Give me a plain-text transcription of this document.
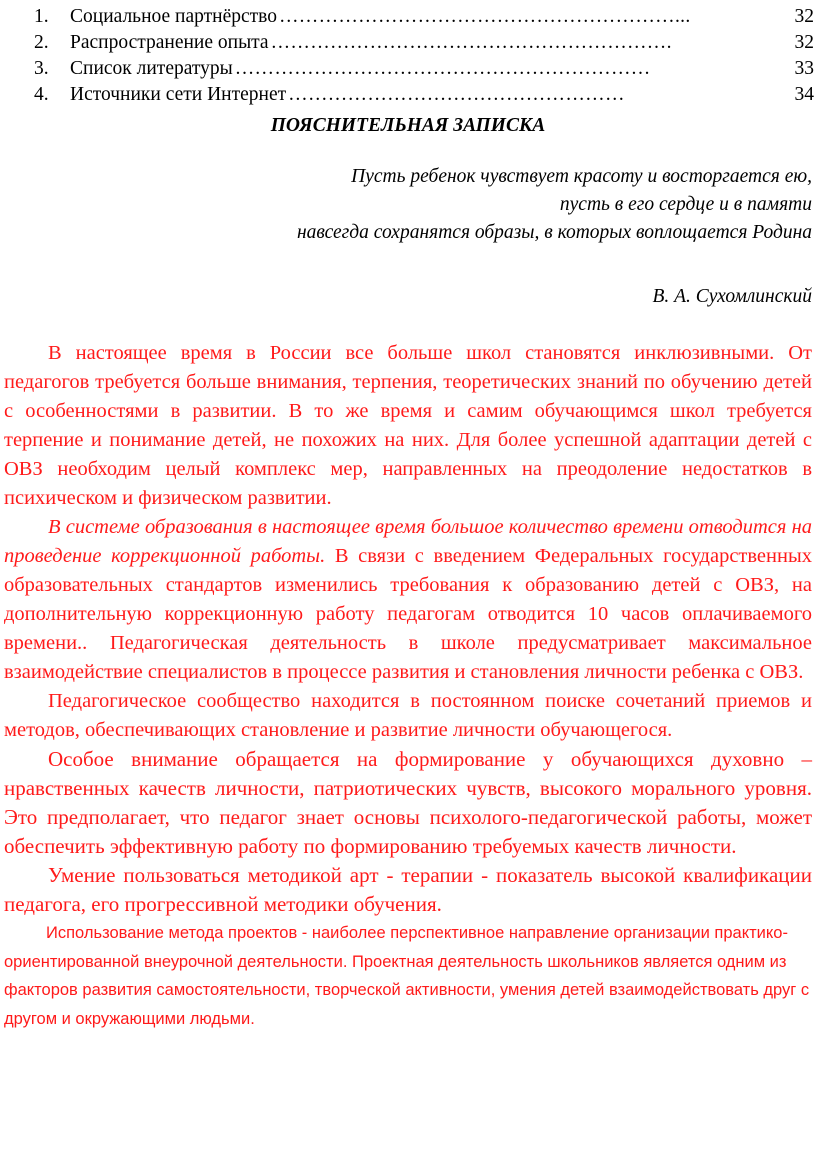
1.	Социальное партнёрство ……………………………………………………...	32
2.	Распространение опыта …………………………………………………….	32
3.	Список литературы ………………………………………………………	33
4.	Источники сети Интернет ……………………………………………	34
ПОЯСНИТЕЛЬНАЯ ЗАПИСКА
Пусть ребенок чувствует красоту и восторгается ею,
пусть в его сердце и в памяти
навсегда сохранятся образы, в которых воплощается Родина
В. А. Сухомлинский

В настоящее время в России все больше школ становятся инклюзивными. От педагогов требуется больше внимания, терпения, теоретических знаний по обучению детей с особенностями в развитии. В то же время и самим обучающимся школ требуется терпение и понимание детей, не похожих на них. Для более успешной адаптации детей с ОВЗ необходим целый комплекс мер, направленных на преодоление недостатков в психическом и физическом развитии.

В системе образования в настоящее время большое количество времени отводится на проведение коррекционной работы. В связи с введением Федеральных государственных образовательных стандартов изменились требования к образованию детей с ОВЗ, на дополнительную коррекционную работу педагогам отводится 10 часов оплачиваемого времени.. Педагогическая деятельность в школе предусматривает максимальное взаимодействие специалистов в процессе развития и становления личности ребенка с ОВЗ.

Педагогическое сообщество находится в постоянном поиске сочетаний приемов и методов, обеспечивающих становление и развитие личности обучающегося.

Особое внимание обращается на формирование у обучающихся духовно – нравственных качеств личности, патриотических чувств, высокого морального уровня. Это предполагает, что педагог знает основы психолого-педагогической работы, может обеспечить эффективную работу по формированию требуемых качеств личности.

Умение пользоваться методикой арт - терапии - показатель высокой квалификации педагога, его прогрессивной методики обучения.

Использование метода проектов - наиболее перспективное направление организации практико-ориентированной внеурочной деятельности. Проектная деятельность школьников является одним из факторов развития самостоятельности, творческой активности, умения детей взаимодействовать друг с другом и окружающими людьми.
